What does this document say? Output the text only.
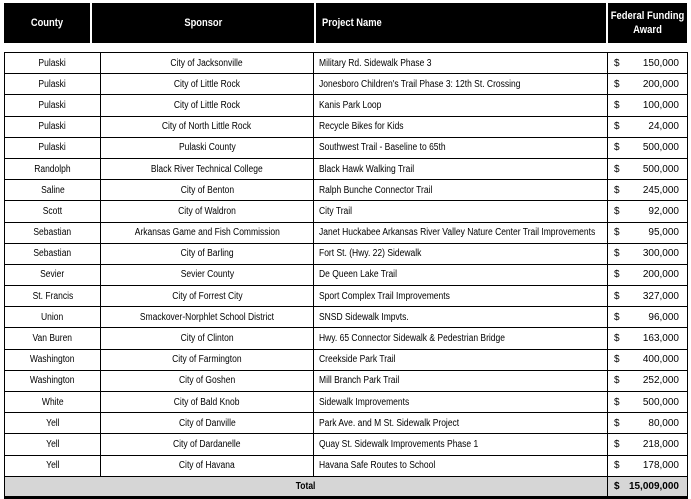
County	Sponsor	Project Name	Federal Funding Award
Pulaski	City of Jacksonville	Military Rd. Sidewalk Phase 3	$ 150,000

Pulaski	City of Little Rock	Jonesboro Children's Trail Phase 3: 12th St. Crossing	$ 200,000

Pulaski	City of Little Rock	Kanis Park Loop	$ 100,000

Pulaski	City of North Little Rock	Recycle Bikes for Kids	$ 24,000

Pulaski	Pulaski County	Southwest Trail - Baseline to 65th	$ 500,000

Randolph	Black River Technical College	Black Hawk Walking Trail	$ 500,000

Saline	City of Benton	Ralph Bunche Connector Trail	$ 245,000

Scott	City of Waldron	City Trail	$ 92,000

Sebastian	Arkansas Game and Fish Commission	Janet Huckabee Arkansas River Valley Nature Center Trail Improvements	$ 95,000

Sebastian	City of Barling	Fort St. (Hwy. 22) Sidewalk	$ 300,000

Sevier	Sevier County	De Queen Lake Trail	$ 200,000

St. Francis	City of Forrest City	Sport Complex Trail Improvements	$ 327,000

Union	Smackover-Norphlet School District	SNSD Sidewalk Impvts.	$ 96,000

Van Buren	City of Clinton	Hwy. 65 Connector Sidewalk & Pedestrian Bridge	$ 163,000

Washington	City of Farmington	Creekside Park Trail	$ 400,000

Washington	City of Goshen	Mill Branch Park Trail	$ 252,000

White	City of Bald Knob	Sidewalk Improvements	$ 500,000

Yell	City of Danville	Park Ave. and M St. Sidewalk Project	$ 80,000

Yell	City of Dardanelle	Quay St. Sidewalk Improvements Phase 1	$ 218,000

Yell	City of Havana	Havana Safe Routes to School	$ 178,000

Total			$ 15,009,000
